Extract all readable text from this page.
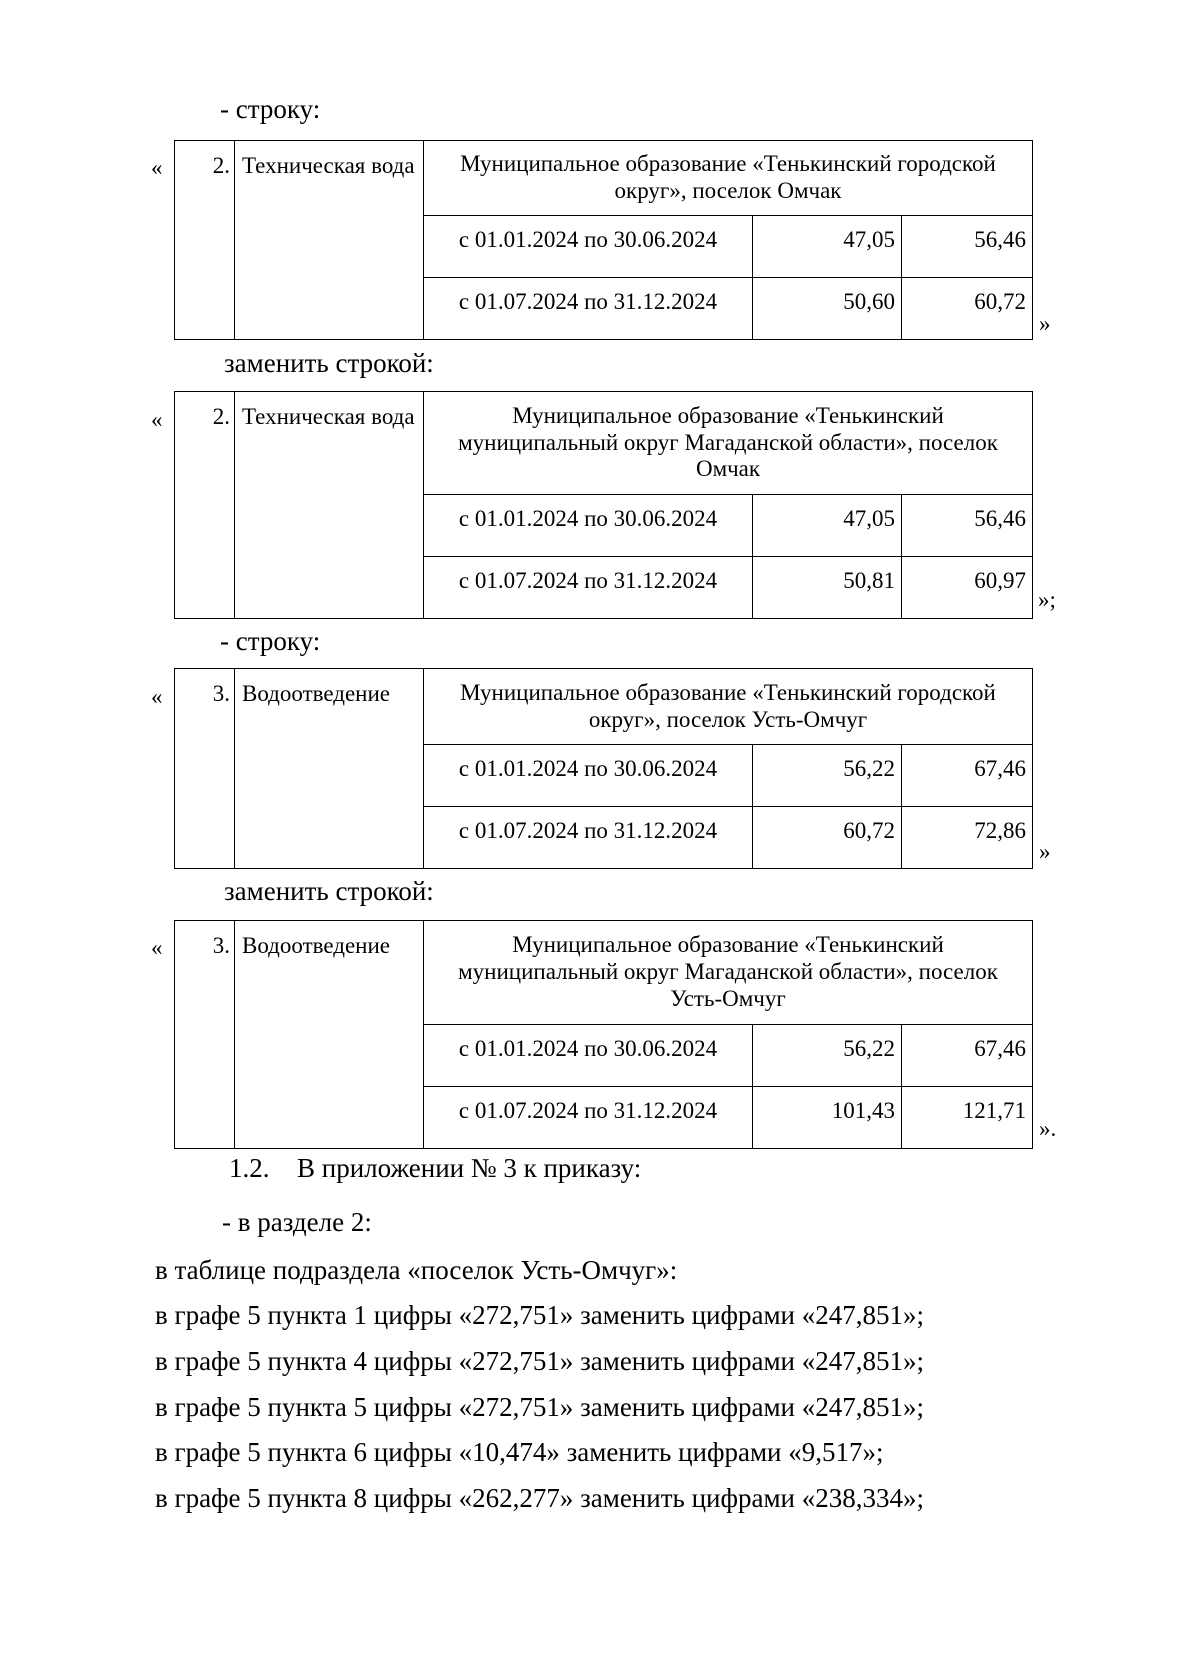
- строку:
« 2.	Техническая вода	Муниципальное образование «Тенькинский городской округ», поселок Омчак		
		с 01.01.2024 по 30.06.2024	47,05	56,46
		с 01.07.2024 по 31.12.2024	50,60	60,72
»
заменить строкой:
« 2.	Техническая вода	Муниципальное образование «Тенькинский муниципальный округ Магаданской области», поселок Омчак		
		с 01.01.2024 по 30.06.2024	47,05	56,46
		с 01.07.2024 по 31.12.2024	50,81	60,97
»;
- строку:
« 3.	Водоотведение	Муниципальное образование «Тенькинский городской округ», поселок Усть-Омчуг		
		с 01.01.2024 по 30.06.2024	56,22	67,46
		с 01.07.2024 по 31.12.2024	60,72	72,86
»
заменить строкой:
« 3.	Водоотведение	Муниципальное образование «Тенькинский муниципальный округ Магаданской области», поселок Усть-Омчуг		
		с 01.01.2024 по 30.06.2024	56,22	67,46
		с 01.07.2024 по 31.12.2024	101,43	121,71
».
1.2. В приложении № 3 к приказу:
- в разделе 2:
в таблице подраздела «поселок Усть-Омчуг»:
в графе 5 пункта 1 цифры «272,751» заменить цифрами «247,851»;
в графе 5 пункта 4 цифры «272,751» заменить цифрами «247,851»;
в графе 5 пункта 5 цифры «272,751» заменить цифрами «247,851»;
в графе 5 пункта 6 цифры «10,474» заменить цифрами «9,517»;
в графе 5 пункта 8 цифры «262,277» заменить цифрами «238,334»;
